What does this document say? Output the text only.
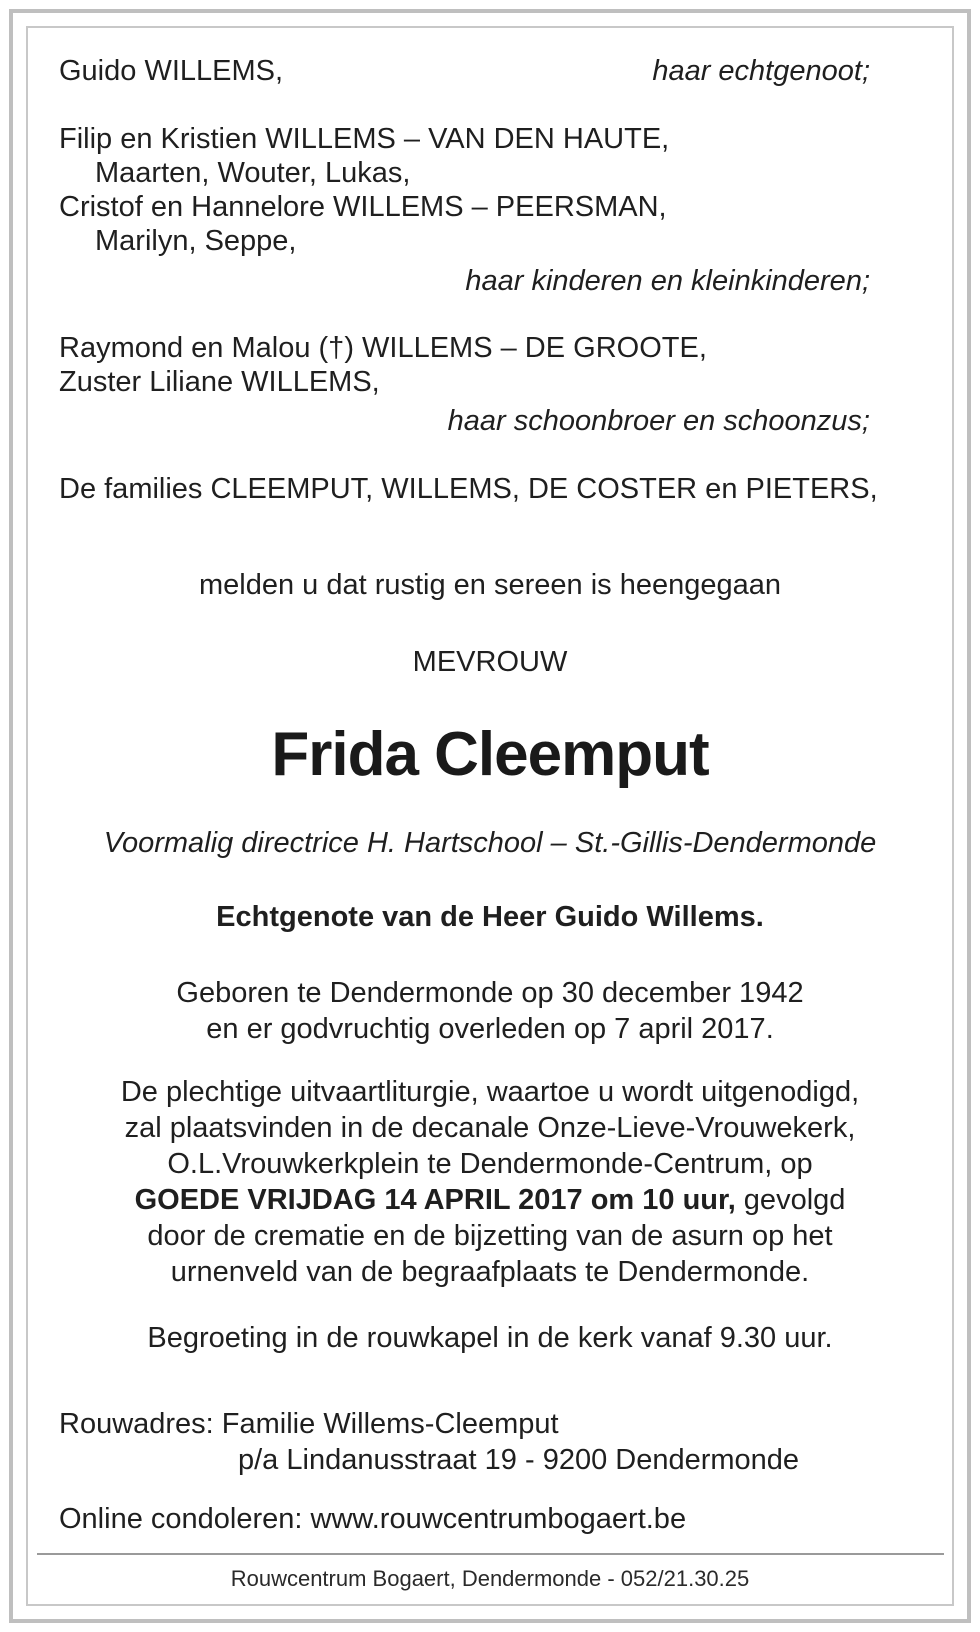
Guido WILLEMS,	haar echtgenoot;
Filip en Kristien WILLEMS – VAN DEN HAUTE,
Maarten, Wouter, Lukas,
Cristof en Hannelore WILLEMS – PEERSMAN,
Marilyn, Seppe,
haar kinderen en kleinkinderen;
Raymond en Malou (†) WILLEMS – DE GROOTE,
Zuster Liliane WILLEMS,
haar schoonbroer en schoonzus;
De families CLEEMPUT, WILLEMS, DE COSTER en PIETERS,
melden u dat rustig en sereen is heengegaan
MEVROUW
Frida Cleemput
Voormalig directrice H. Hartschool – St.-Gillis-Dendermonde
Echtgenote van de Heer Guido Willems.
Geboren te Dendermonde op 30 december 1942
en er godvruchtig overleden op 7 april 2017.
De plechtige uitvaartliturgie, waartoe u wordt uitgenodigd,
zal plaatsvinden in de decanale Onze-Lieve-Vrouwekerk,
O.L.Vrouwkerkplein te Dendermonde-Centrum, op
GOEDE VRIJDAG 14 APRIL 2017 om 10 uur, gevolgd
door de crematie en de bijzetting van de asurn op het
urnenveld van de begraafplaats te Dendermonde.
Begroeting in de rouwkapel in de kerk vanaf 9.30 uur.
Rouwadres: Familie Willems-Cleemput
p/a Lindanusstraat 19 - 9200 Dendermonde
Online condoleren: www.rouwcentrumbogaert.be
Rouwcentrum Bogaert, Dendermonde - 052/21.30.25
